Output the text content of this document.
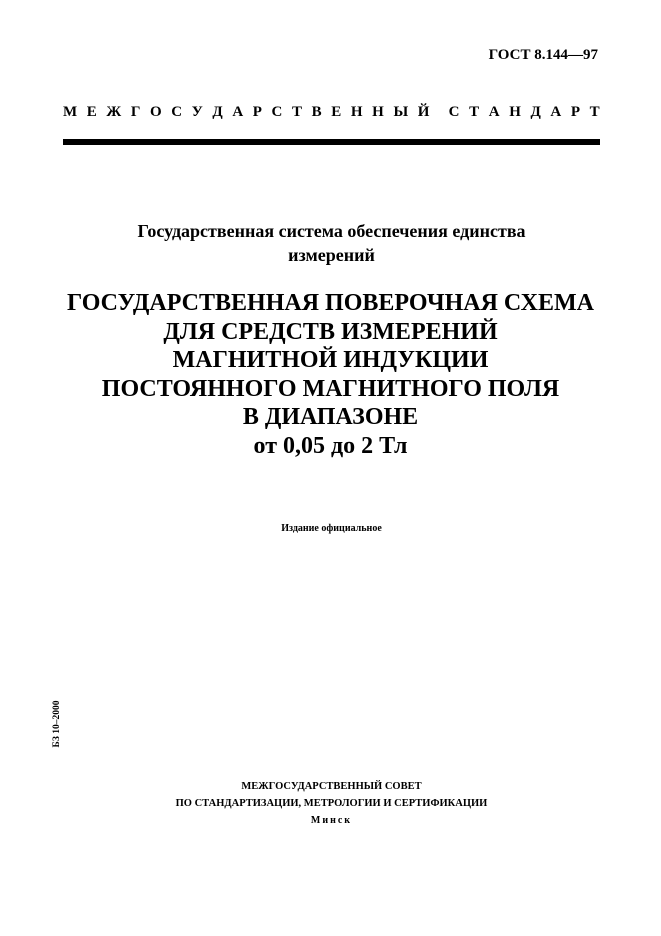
ГОСТ 8.144—97
М Е Ж Г О С У Д А Р С Т В Е Н Н Ы Й С Т А Н Д А Р Т
Государственная система обеспечения единства
измерений
ГОСУДАРСТВЕННАЯ ПОВЕРОЧНАЯ СХЕМА
ДЛЯ СРЕДСТВ ИЗМЕРЕНИЙ
МАГНИТНОЙ ИНДУКЦИИ
ПОСТОЯННОГО МАГНИТНОГО ПОЛЯ
В ДИАПАЗОНЕ
от 0,05 до 2 Тл
Издание официальное
БЗ 10–2000
МЕЖГОСУДАРСТВЕННЫЙ СОВЕТ
ПО СТАНДАРТИЗАЦИИ, МЕТРОЛОГИИ И СЕРТИФИКАЦИИ
Минск
